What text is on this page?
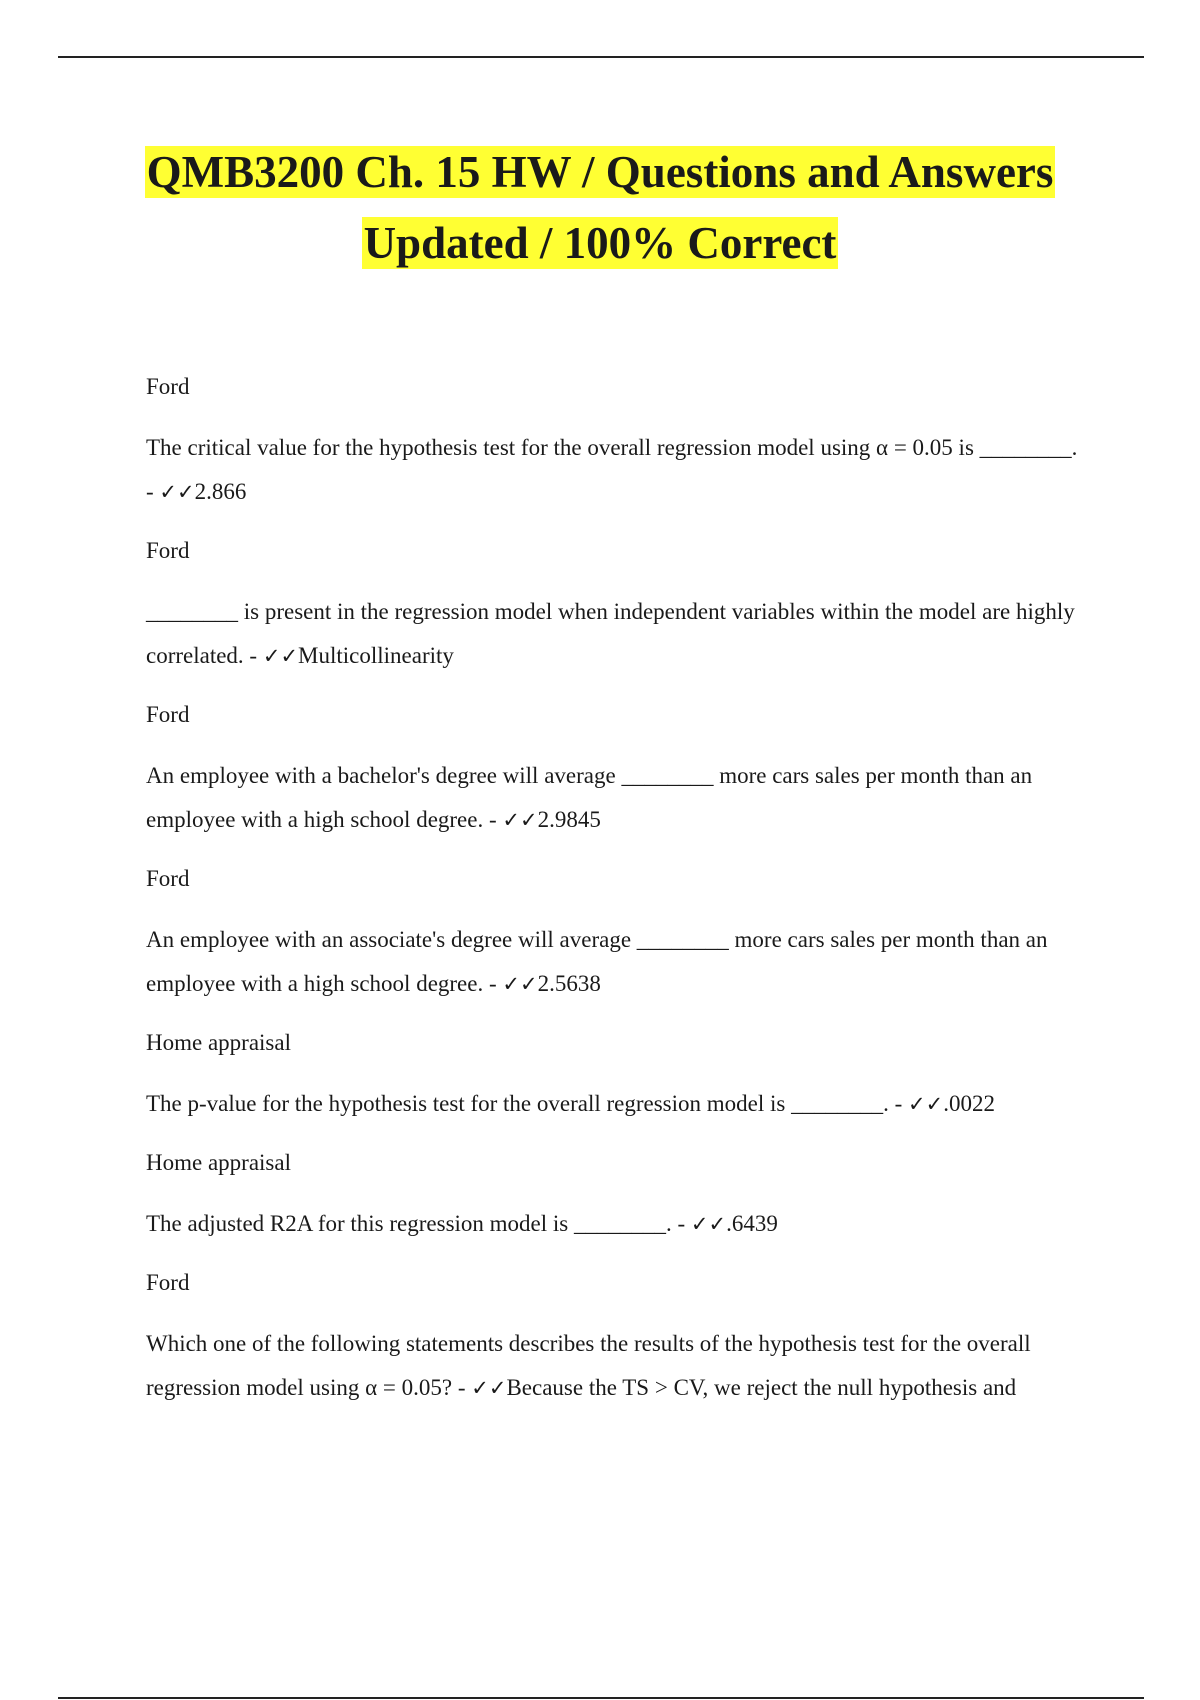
QMB3200 Ch. 15 HW / Questions and Answers
Updated / 100% Correct

Ford

The critical value for the hypothesis test for the overall regression model using α = 0.05 is ________. - ✓✓2.866

Ford

________ is present in the regression model when independent variables within the model are highly correlated. - ✓✓Multicollinearity

Ford

An employee with a bachelor's degree will average ________ more cars sales per month than an employee with a high school degree. - ✓✓2.9845

Ford

An employee with an associate's degree will average ________ more cars sales per month than an employee with a high school degree. - ✓✓2.5638

Home appraisal

The p-value for the hypothesis test for the overall regression model is ________. - ✓✓.0022

Home appraisal

The adjusted R2A for this regression model is ________. - ✓✓.6439

Ford

Which one of the following statements describes the results of the hypothesis test for the overall regression model using α = 0.05? - ✓✓Because the TS > CV, we reject the null hypothesis and
